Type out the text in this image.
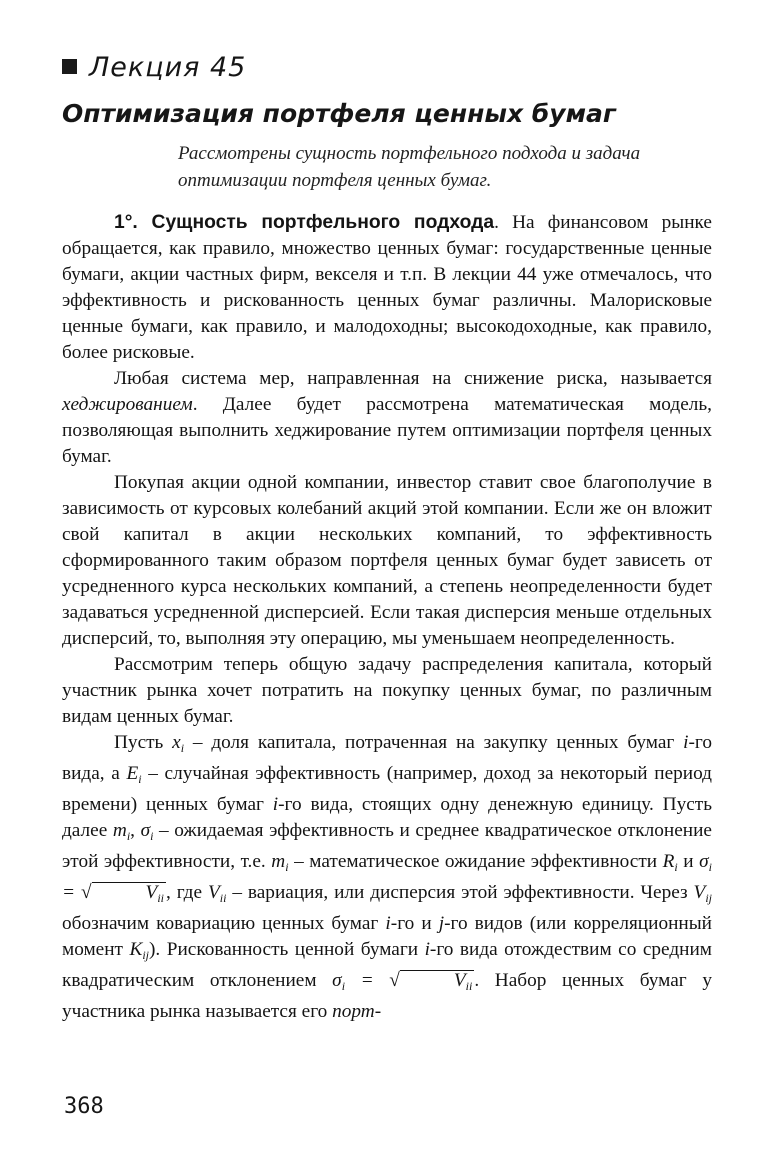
Лекция 45
Оптимизация портфеля ценных бумаг
Рассмотрены сущность портфельного подхода и задача оптимизации портфеля ценных бумаг.

1°. Сущность портфельного подхода. На финансовом рынке обращается, как правило, множество ценных бумаг: государственные ценные бумаги, акции частных фирм, векселя и т.п. В лекции 44 уже отмечалось, что эффективность и рискованность ценных бумаг различны. Малорисковые ценные бумаги, как правило, и малодоходны; высокодоходные, как правило, более рисковые.

Любая система мер, направленная на снижение риска, называется хеджированием. Далее будет рассмотрена математическая модель, позволяющая выполнить хеджирование путем оптимизации портфеля ценных бумаг.

Покупая акции одной компании, инвестор ставит свое благополучие в зависимость от курсовых колебаний акций этой компании. Если же он вложит свой капитал в акции нескольких компаний, то эффективность сформированного таким образом портфеля ценных бумаг будет зависеть от усредненного курса нескольких компаний, а степень неопределенности будет задаваться усредненной дисперсией. Если такая дисперсия меньше отдельных дисперсий, то, выполняя эту операцию, мы уменьшаем неопределенность.

Рассмотрим теперь общую задачу распределения капитала, который участник рынка хочет потратить на покупку ценных бумаг, по различным видам ценных бумаг.

Пусть $x_i$ – доля капитала, потраченная на закупку ценных бумаг i-го вида, а $E_i$ – случайная эффективность (например, доход за некоторый период времени) ценных бумаг i-го вида, стоящих одну денежную единицу. Пусть далее $m_i$, $\sigma_i$ – ожидаемая эффективность и среднее квадратическое отклонение этой эффективности, т.е. $m_i$ – математическое ожидание эффективности $R_i$ и $\sigma_i$ = √	$V_{ii}$ , где $V_{ii}$ – вариация, или дисперсия этой эффективности. Через $V_{ij}$ обозначим ковариацию ценных бумаг i-го и j-го видов (или корреляционный момент $K_{ij}$). Рискованность ценной бумаги i-го вида отождествим со средним квадратическим отклонением $\sigma_i$ = √	$V_{ii}$ . Набор ценных бумаг у участника рынка называется его порт-

368
